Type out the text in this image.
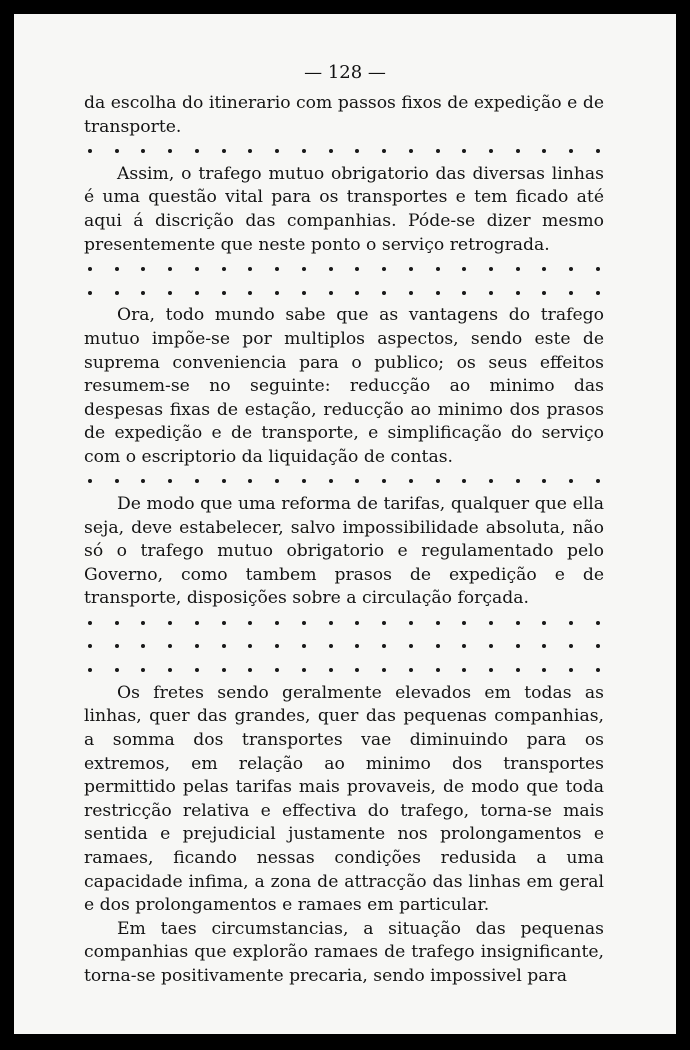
— 128 —

da escolha do itinerario com passos fixos de expedição e de transporte.

Assim, o trafego mutuo obrigatorio das diversas linhas é uma questão vital para os transportes e tem ficado até aqui á discrição das companhias. Póde-se dizer mesmo presentemente que neste ponto o serviço retrograda.

Ora, todo mundo sabe que as vantagens do trafego mutuo impõe-se por multiplos aspectos, sendo este de suprema conveniencia para o publico; os seus effeitos resumem-se no seguinte: reducção ao minimo das despesas fixas de estação, reducção ao minimo dos prasos de expedição e de transporte, e simplificação do serviço com o escriptorio da liquidação de contas.

De modo que uma reforma de tarifas, qualquer que ella seja, deve estabelecer, salvo impossibilidade absoluta, não só o trafego mutuo obrigatorio e regulamentado pelo Governo, como tambem prasos de expedição e de transporte, disposições sobre a circulação forçada.

Os fretes sendo geralmente elevados em todas as linhas, quer das grandes, quer das pequenas companhias, a somma dos transportes vae diminuindo para os extremos, em relação ao minimo dos transportes permittido pelas tarifas mais provaveis, de modo que toda restricção relativa e effectiva do trafego, torna-se mais sentida e prejudicial justamente nos prolongamentos e ramaes, ficando nessas condições redusida a uma capacidade infima, a zona de attracção das linhas em geral e dos prolongamentos e ramaes em particular.

Em taes circumstancias, a situação das pequenas companhias que explorão ramaes de trafego insignificante, torna-se positivamente precaria, sendo impossivel para
